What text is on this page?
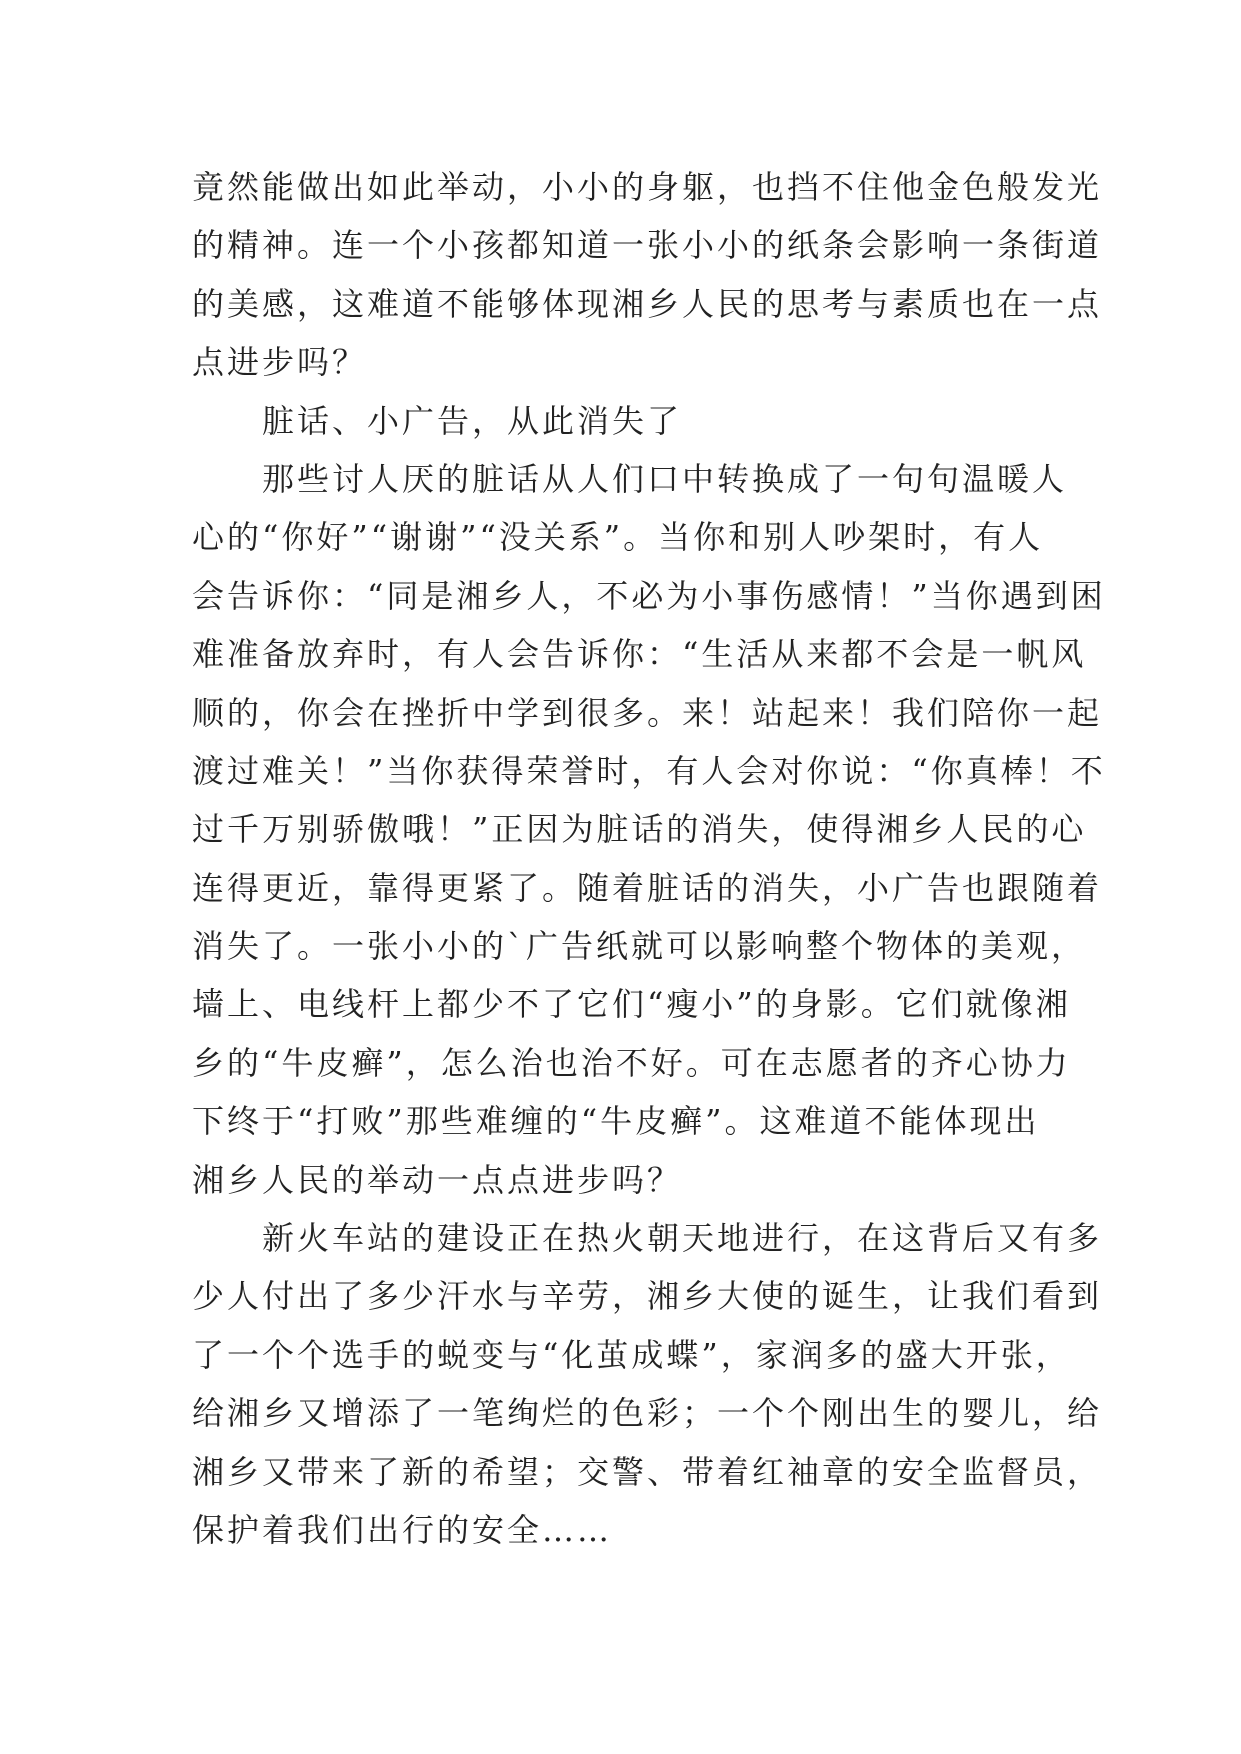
竟然能做出如此举动，小小的身躯，也挡不住他金色般发光
的精神。连一个小孩都知道一张小小的纸条会影响一条街道
的美感，这难道不能够体现湘乡人民的思考与素质也在一点
点进步吗？
　　脏话、小广告，从此消失了
　　那些讨人厌的脏话从人们口中转换成了一句句温暖人
心的“你好”“谢谢”“没关系”。当你和别人吵架时，有人
会告诉你：“同是湘乡人，不必为小事伤感情！”当你遇到困
难准备放弃时，有人会告诉你：“生活从来都不会是一帆风
顺的，你会在挫折中学到很多。来！站起来！我们陪你一起
渡过难关！”当你获得荣誉时，有人会对你说：“你真棒！不
过千万别骄傲哦！”正因为脏话的消失，使得湘乡人民的心
连得更近，靠得更紧了。随着脏话的消失，小广告也跟随着
消失了。一张小小的`广告纸就可以影响整个物体的美观，
墙上、电线杆上都少不了它们“瘦小”的身影。它们就像湘
乡的“牛皮癣”，怎么治也治不好。可在志愿者的齐心协力
下终于“打败”那些难缠的“牛皮癣”。这难道不能体现出
湘乡人民的举动一点点进步吗？
　　新火车站的建设正在热火朝天地进行，在这背后又有多
少人付出了多少汗水与辛劳，湘乡大使的诞生，让我们看到
了一个个选手的蜕变与“化茧成蝶”，家润多的盛大开张，
给湘乡又增添了一笔绚烂的色彩；一个个刚出生的婴儿，给
湘乡又带来了新的希望；交警、带着红袖章的安全监督员，
保护着我们出行的安全……
